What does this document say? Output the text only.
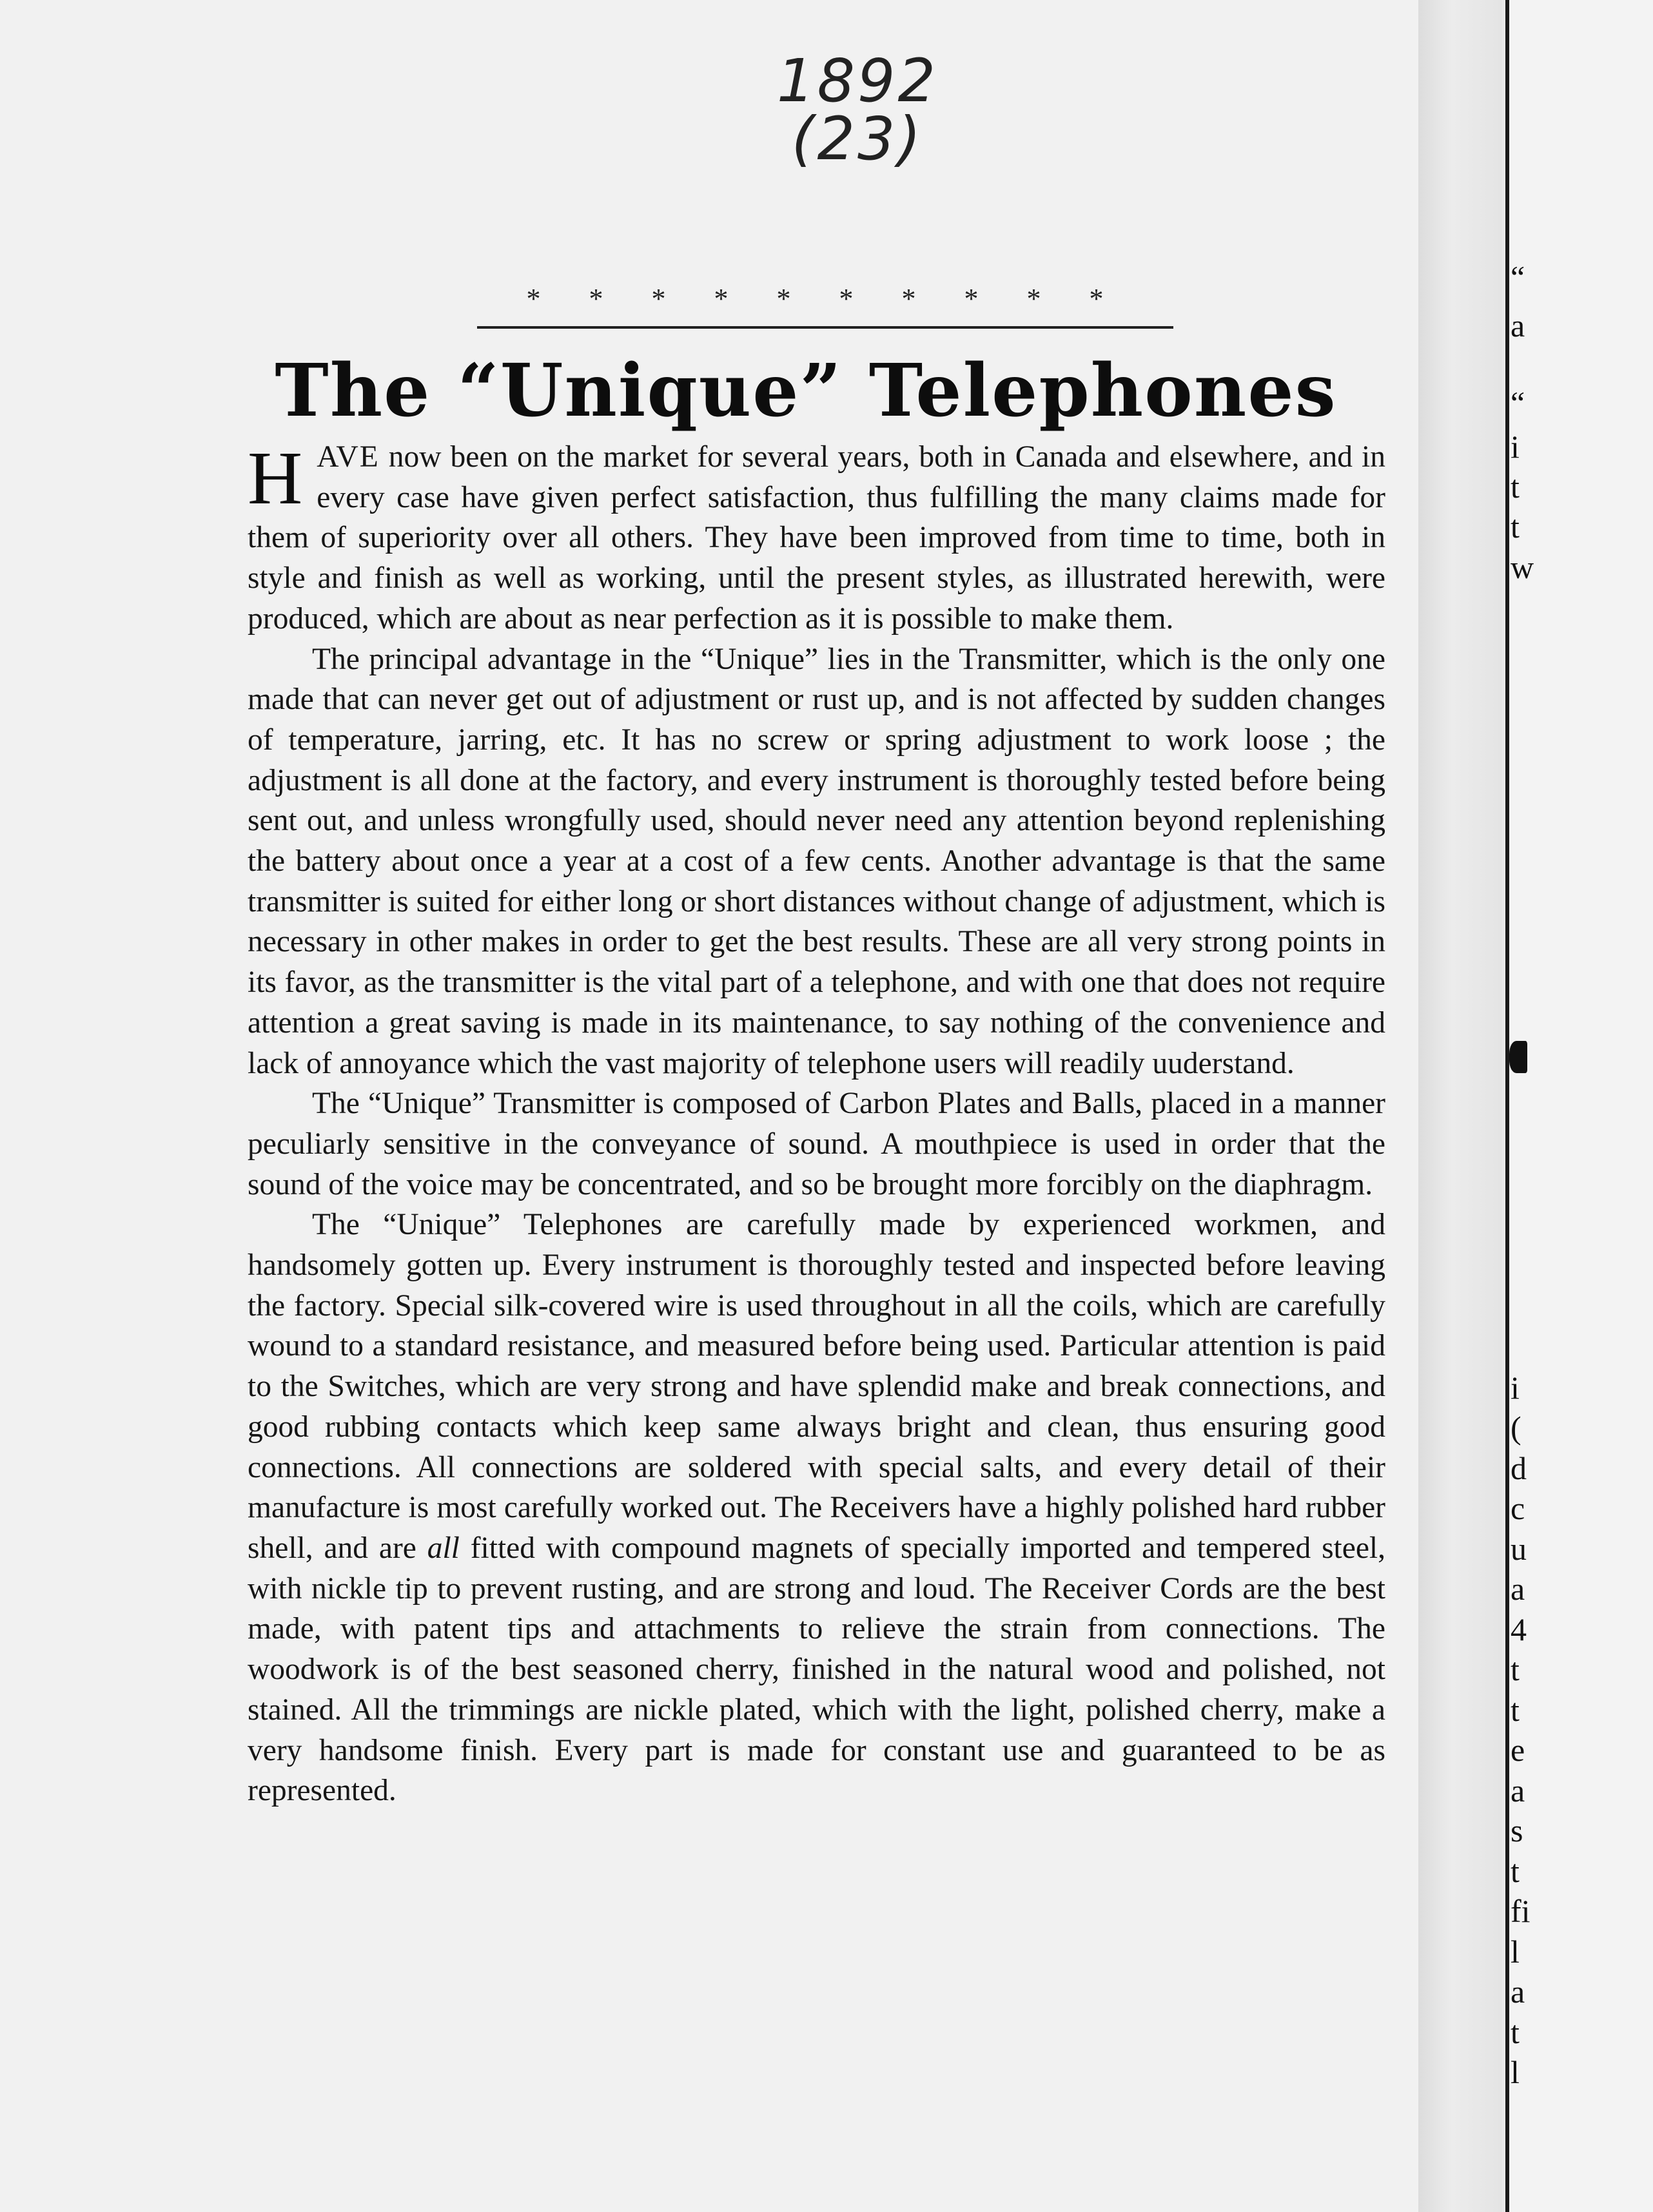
1892
(23)
* * * * * * * * * *
The “Unique” Telephones

HAVE now been on the market for several years, both in Canada and elsewhere, and in every case have given perfect satisfaction, thus fulfilling the many claims made for them of superiority over all others. They have been improved from time to time, both in style and finish as well as working, until the present styles, as illustrated herewith, were produced, which are about as near perfection as it is possible to make them.

The principal advantage in the “Unique” lies in the Transmitter, which is the only one made that can never get out of adjustment or rust up, and is not affected by sudden changes of temperature, jarring, etc. It has no screw or spring adjustment to work loose ; the adjustment is all done at the factory, and every instrument is thoroughly tested before being sent out, and unless wrongfully used, should never need any attention beyond replenishing the battery about once a year at a cost of a few cents. Another advantage is that the same transmitter is suited for either long or short distances without change of adjustment, which is necessary in other makes in order to get the best results. These are all very strong points in its favor, as the transmitter is the vital part of a telephone, and with one that does not require attention a great saving is made in its maintenance, to say nothing of the convenience and lack of annoyance which the vast majority of telephone users will readily uuderstand.

The “Unique” Transmitter is composed of Carbon Plates and Balls, placed in a manner peculiarly sensitive in the conveyance of sound. A mouthpiece is used in order that the sound of the voice may be concentrated, and so be brought more forcibly on the diaphragm.

The “Unique” Telephones are carefully made by experienced workmen, and handsomely gotten up. Every instrument is thoroughly tested and inspected before leaving the factory. Special silk-covered wire is used throughout in all the coils, which are carefully wound to a standard resistance, and measured before being used. Particular attention is paid to the Switches, which are very strong and have splendid make and break connections, and good rubbing contacts which keep same always bright and clean, thus ensuring good connections. All connections are soldered with special salts, and every detail of their manufacture is most carefully worked out. The Receivers have a highly polished hard rubber shell, and are all fitted with compound magnets of specially imported and tempered steel, with nickle tip to prevent rusting, and are strong and loud. The Receiver Cords are the best made, with patent tips and attachments to relieve the strain from connections. The woodwork is of the best seasoned cherry, finished in the natural wood and polished, not stained. All the trimmings are nickle plated, which with the light, polished cherry, make a very handsome finish. Every part is made for constant use and guaranteed to be as represented.

“
a
“
i
t
t
w
i
(
d
c
u
a
4
t
t
e
a
s
t
fi
l
a
t
l
